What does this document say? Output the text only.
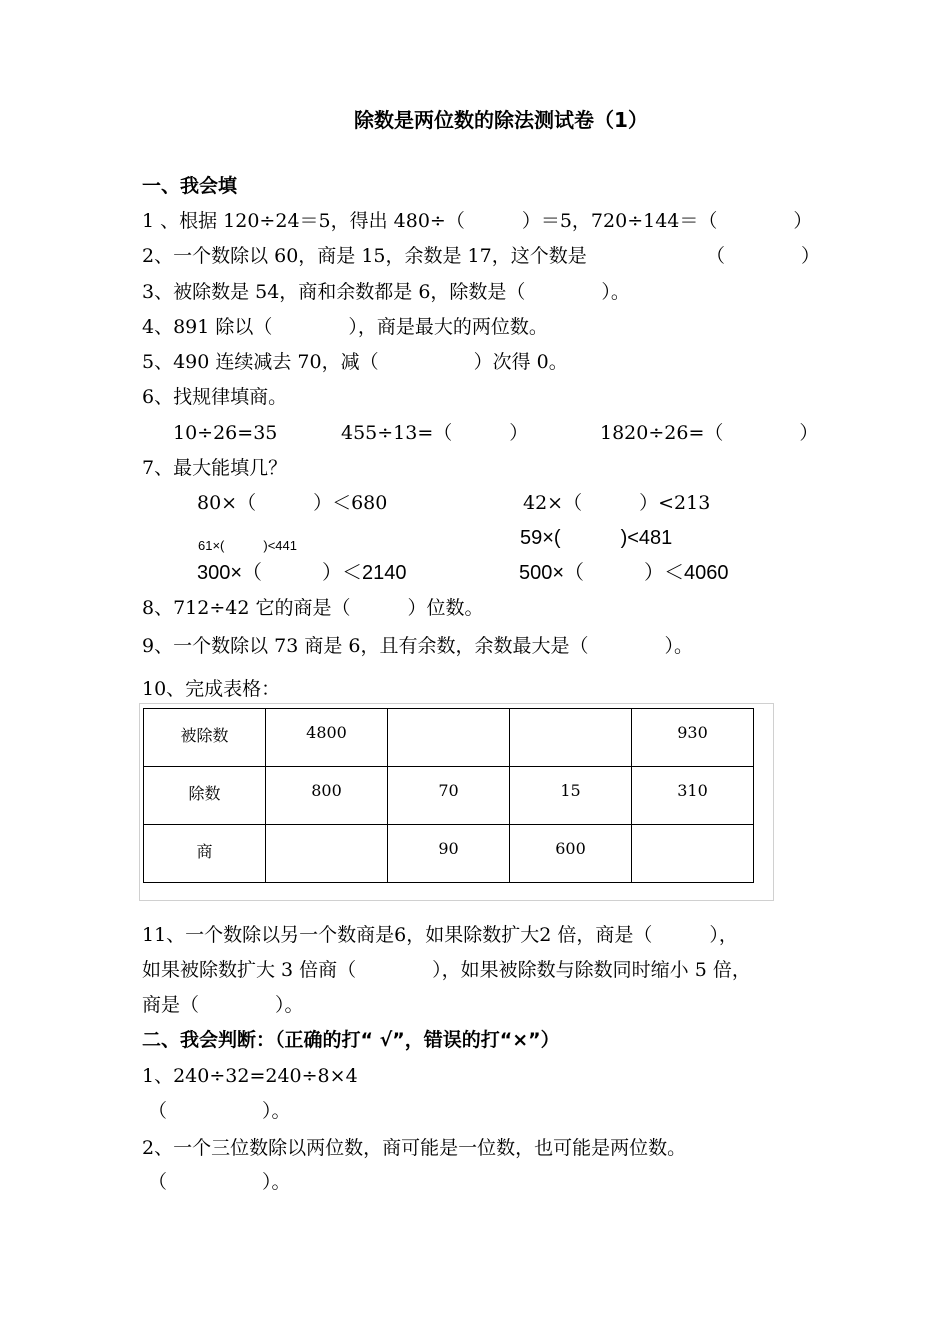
除数是两位数的除法测试卷（1）

一、我会填

1 、根据 120÷24＝5，得出 480÷（　　　）＝5，720÷144＝（　　　　）

2、一个数除以 60，商是 15，余数是 17，这个数是	（　　　　）

3、被除数是 54，商和余数都是 6，除数是（　　　　）。

4、891 除以（　　　　），商是最大的两位数。

5、490 连续减去 70，减（　　　　　）次得 0。

6、找规律填商。

10÷26=35	455÷13=（　　　）	1820÷26=（　　　　）

7、最大能填几？

80×（　　　）＜680	42×（　　　）<213
61×(　　　)<441	59×(　　　)<481
300×（　　　）＜2140	500×（　　　）＜4060

8、712÷42 它的商是（　　　）位数。

9、一个数除以 73 商是 6，且有余数，余数最大是（　　　　）。

10、完成表格：

被除数	4800			930
除数	800	70	15	310
商		90	600	

11、一个数除以另一个数商是6，如果除数扩大2 倍，商是（　　　），

如果被除数扩大 3 倍商（　　　　），如果被除数与除数同时缩小 5 倍，

商是（　　　　）。

二、我会判断：（正确的打“ √”，错误的打“×”）

1、240÷32=240÷8×4

（　　　　　）。

2、一个三位数除以两位数，商可能是一位数，也可能是两位数。

（　　　　　）。
